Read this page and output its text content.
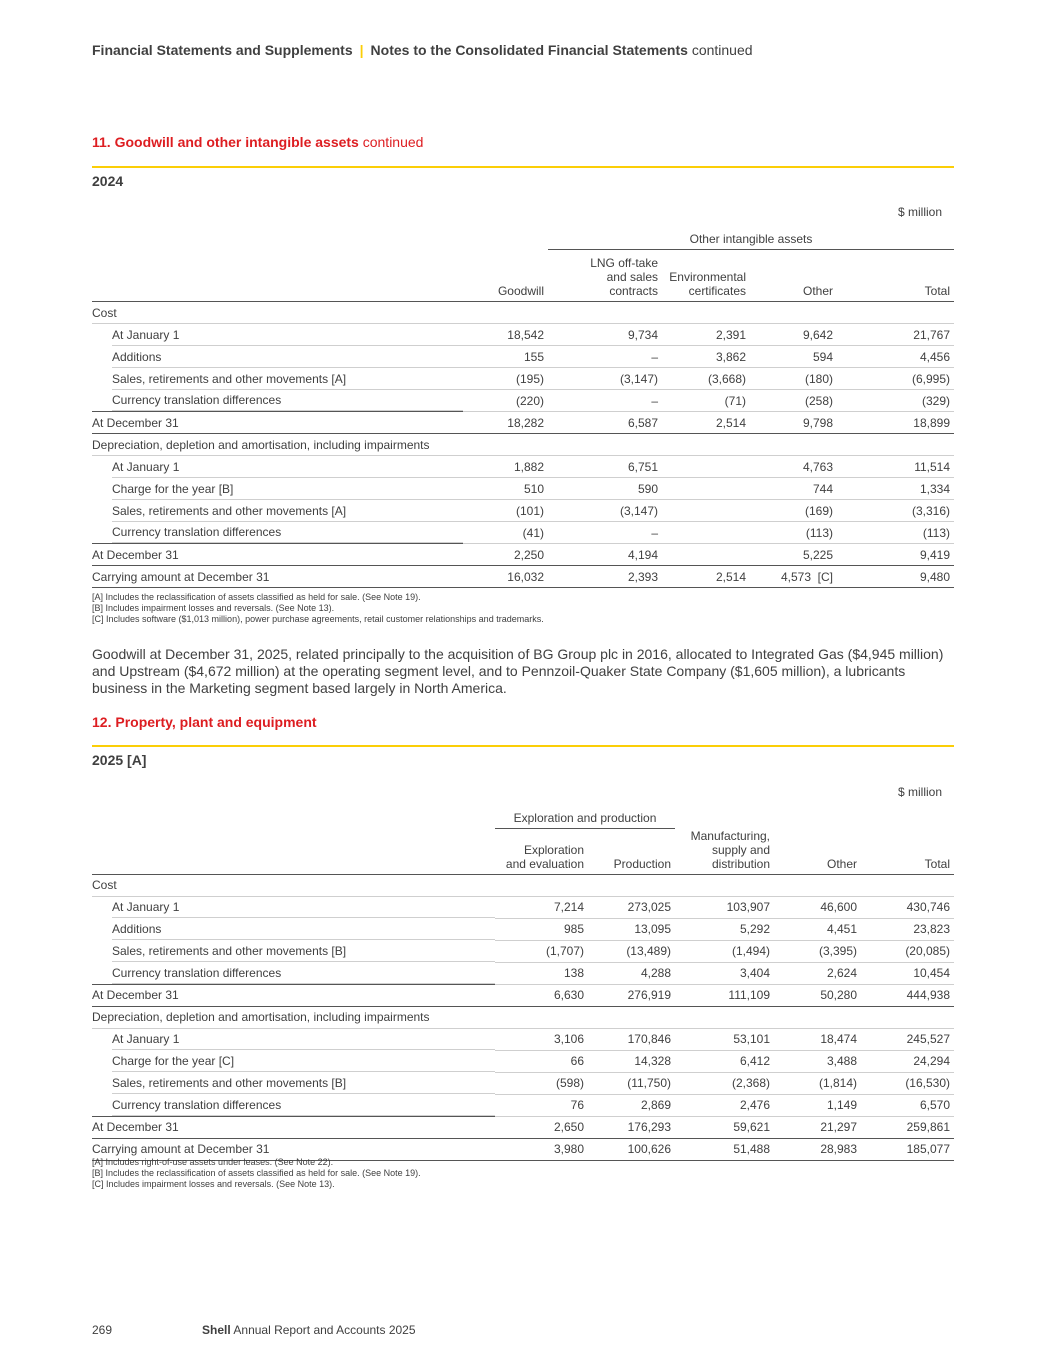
Financial Statements and Supplements | Notes to the Consolidated Financial Statements continued
11. Goodwill and other intangible assets continued
2024
$ million
		Other intangible assets			
	Goodwill	LNG off-take
and sales
contracts	Environmental
certificates	Other	Total
Cost					
At January 1	18,542	9,734	2,391	9,642	21,767
Additions	155	–	3,862	594	4,456
Sales, retirements and other movements [A]	(195)	(3,147)	(3,668)	(180)	(6,995)
Currency translation differences	(220)	–	(71)	(258)	(329)
At December 31	18,282	6,587	2,514	9,798	18,899
Depreciation, depletion and amortisation, including impairments					
At January 1	1,882	6,751		4,763	11,514
Charge for the year [B]	510	590		744	1,334
Sales, retirements and other movements [A]	(101)	(3,147)		(169)	(3,316)
Currency translation differences	(41)	–		(113)	(113)
At December 31	2,250	4,194		5,225	9,419
Carrying amount at December 31	16,032	2,393	2,514	4,573  [C]	9,480
[A] Includes the reclassification of assets classified as held for sale. (See Note 19).
[B] Includes impairment losses and reversals. (See Note 13).
[C] Includes software ($1,013 million), power purchase agreements, retail customer relationships and trademarks.
Goodwill at December 31, 2025, related principally to the acquisition of BG Group plc in 2016, allocated to Integrated Gas ($4,945 million) and Upstream ($4,672 million) at the operating segment level, and to Pennzoil-Quaker State Company ($1,605 million), a lubricants business in the Marketing segment based largely in North America.
12. Property, plant and equipment
2025 [A]
$ million
	Exploration and production				
	Exploration
and evaluation	Production	Manufacturing,
supply and
distribution	Other	Total
Cost					
At January 1	7,214	273,025	103,907	46,600	430,746
Additions	985	13,095	5,292	4,451	23,823
Sales, retirements and other movements [B]	(1,707)	(13,489)	(1,494)	(3,395)	(20,085)
Currency translation differences	138	4,288	3,404	2,624	10,454
At December 31	6,630	276,919	111,109	50,280	444,938
Depreciation, depletion and amortisation, including impairments					
At January 1	3,106	170,846	53,101	18,474	245,527
Charge for the year [C]	66	14,328	6,412	3,488	24,294
Sales, retirements and other movements [B]	(598)	(11,750)	(2,368)	(1,814)	(16,530)
Currency translation differences	76	2,869	2,476	1,149	6,570
At December 31	2,650	176,293	59,621	21,297	259,861
Carrying amount at December 31	3,980	100,626	51,488	28,983	185,077
[A] Includes right-of-use assets under leases. (See Note 22).
[B] Includes the reclassification of assets classified as held for sale. (See Note 19).
[C] Includes impairment losses and reversals. (See Note 13).
269	Shell Annual Report and Accounts 2025
